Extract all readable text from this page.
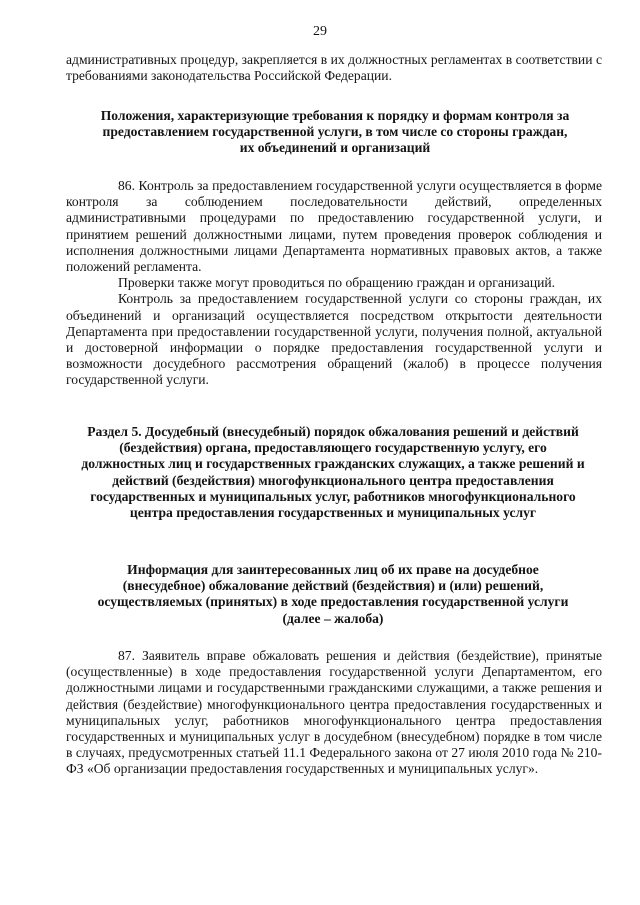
29

административных процедур, закрепляется в их должностных регламентах в соответствии с требованиями законодательства Российской Федерации.

Положения, характеризующие требования к порядку и формам контроля за предоставлением государственной услуги, в том числе со стороны граждан, их объединений и организаций

86. Контроль за предоставлением государственной услуги осуществляется в форме контроля за соблюдением последовательности действий, определенных административными процедурами по предоставлению государственной услуги, и принятием решений должностными лицами, путем проведения проверок соблюдения и исполнения должностными лицами Департамента нормативных правовых актов, а также положений регламента.

Проверки также могут проводиться по обращению граждан и организаций.

Контроль за предоставлением государственной услуги со стороны граждан, их объединений и организаций осуществляется посредством открытости деятельности Департамента при предоставлении государственной услуги, получения полной, актуальной и достоверной информации о порядке предоставления государственной услуги и возможности досудебного рассмотрения обращений (жалоб) в процессе получения государственной услуги.

Раздел 5. Досудебный (внесудебный) порядок обжалования решений и действий (бездействия) органа, предоставляющего государственную услугу, его должностных лиц и государственных гражданских служащих, а также решений и действий (бездействия) многофункционального центра предоставления государственных и муниципальных услуг, работников многофункционального центра предоставления государственных и муниципальных услуг

Информация для заинтересованных лиц об их праве на досудебное (внесудебное) обжалование действий (бездействия) и (или) решений, осуществляемых (принятых) в ходе предоставления государственной услуги (далее – жалоба)

87. Заявитель вправе обжаловать решения и действия (бездействие), принятые (осуществленные) в ходе предоставления государственной услуги Департаментом, его должностными лицами и государственными гражданскими служащими, а также решения и действия (бездействие) многофункционального центра предоставления государственных и муниципальных услуг, работников многофункционального центра предоставления государственных и муниципальных услуг в досудебном (внесудебном) порядке в том числе в случаях, предусмотренных статьей 11.1 Федерального закона от 27 июля 2010 года № 210-ФЗ «Об организации предоставления государственных и муниципальных услуг».
